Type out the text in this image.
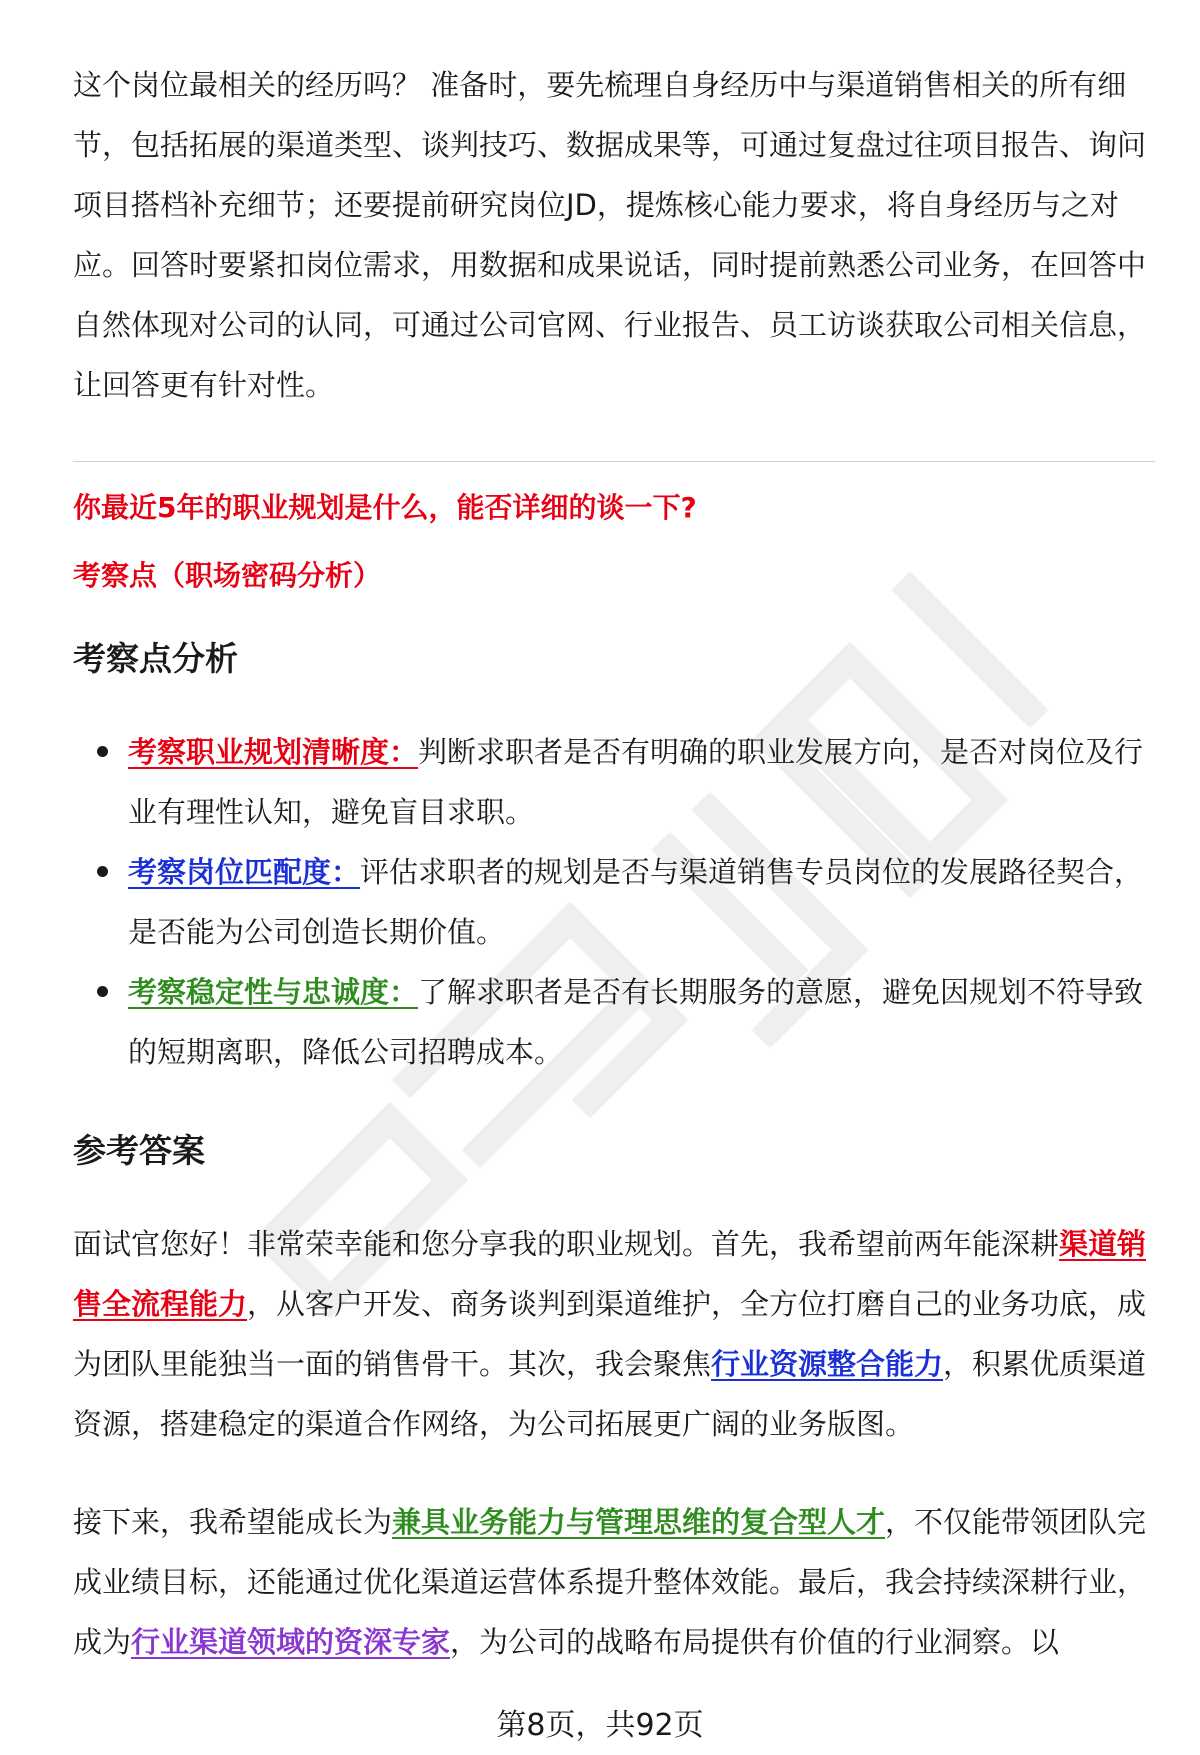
这个岗位最相关的经历吗？ 准备时，要先梳理自身经历中与渠道销售相关的所有细节，包括拓展的渠道类型、谈判技巧、数据成果等，可通过复盘过往项目报告、询问项目搭档补充细节；还要提前研究岗位JD，提炼核心能力要求，将自身经历与之对应。回答时要紧扣岗位需求，用数据和成果说话，同时提前熟悉公司业务，在回答中自然体现对公司的认同，可通过公司官网、行业报告、员工访谈获取公司相关信息，让回答更有针对性。

你最近5年的职业规划是什么，能否详细的谈一下?

考察点（职场密码分析）

考察点分析
考察职业规划清晰度：判断求职者是否有明确的职业发展方向，是否对岗位及行业有理性认知，避免盲目求职。
考察岗位匹配度：评估求职者的规划是否与渠道销售专员岗位的发展路径契合，是否能为公司创造长期价值。
考察稳定性与忠诚度：了解求职者是否有长期服务的意愿，避免因规划不符导致的短期离职，降低公司招聘成本。
参考答案

面试官您好！非常荣幸能和您分享我的职业规划。首先，我希望前两年能深耕渠道销售全流程能力，从客户开发、商务谈判到渠道维护，全方位打磨自己的业务功底，成为团队里能独当一面的销售骨干。其次，我会聚焦行业资源整合能力，积累优质渠道资源，搭建稳定的渠道合作网络，为公司拓展更广阔的业务版图。

接下来，我希望能成长为兼具业务能力与管理思维的复合型人才，不仅能带领团队完成业绩目标，还能通过优化渠道运营体系提升整体效能。最后，我会持续深耕行业，成为行业渠道领域的资深专家，为公司的战略布局提供有价值的行业洞察。以

第8页，共92页
